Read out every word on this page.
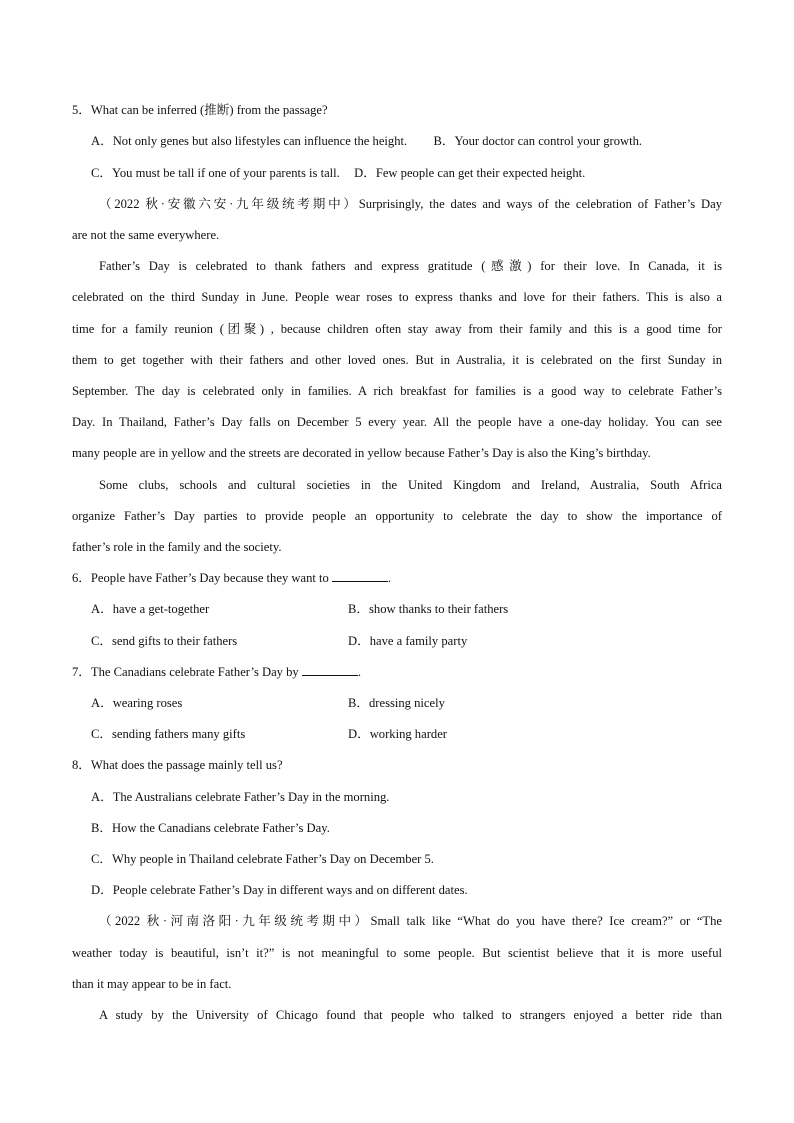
5．What can be inferred (推断) from the passage?
A．Not only genes but also lifestyles can influence the height. B．Your doctor can control your growth.
C．You must be tall if one of your parents is tall. D．Few people can get their expected height.
（2022 秋·安徽六安·九年级统考期中）Surprisingly, the dates and ways of the celebration of Father’s Day
are not the same everywhere.
Father’s Day is celebrated to thank fathers and express gratitude (感激) for their love. In Canada, it is
celebrated on the third Sunday in June. People wear roses to express thanks and love for their fathers. This is also a
time for a family reunion (团聚) , because children often stay away from their family and this is a good time for
them to get together with their fathers and other loved ones. But in Australia, it is celebrated on the first Sunday in
September. The day is celebrated only in families. A rich breakfast for families is a good way to celebrate Father’s
Day. In Thailand, Father’s Day falls on December 5 every year. All the people have a one-day holiday. You can see
many people are in yellow and the streets are decorated in yellow because Father’s Day is also the King’s birthday.
Some clubs, schools and cultural societies in the United Kingdom and Ireland, Australia, South Africa
organize Father’s Day parties to provide people an opportunity to celebrate the day to show the importance of
father’s role in the family and the society.
6．People have Father’s Day because they want to	.
A．have a get-together	B．show thanks to their fathers
C．send gifts to their fathers	D．have a family party
7．The Canadians celebrate Father’s Day by	.
A．wearing roses	B．dressing nicely
C．sending fathers many gifts	D．working harder
8．What does the passage mainly tell us?
A．The Australians celebrate Father’s Day in the morning.
B．How the Canadians celebrate Father’s Day.
C．Why people in Thailand celebrate Father’s Day on December 5.
D．People celebrate Father’s Day in different ways and on different dates.
（2022 秋·河南洛阳·九年级统考期中）Small talk like “What do you have there? Ice cream?” or “The
weather today is beautiful, isn’t it?” is not meaningful to some people. But scientist believe that it is more useful
than it may appear to be in fact.
A study by the University of Chicago found that people who talked to strangers enjoyed a better ride than
